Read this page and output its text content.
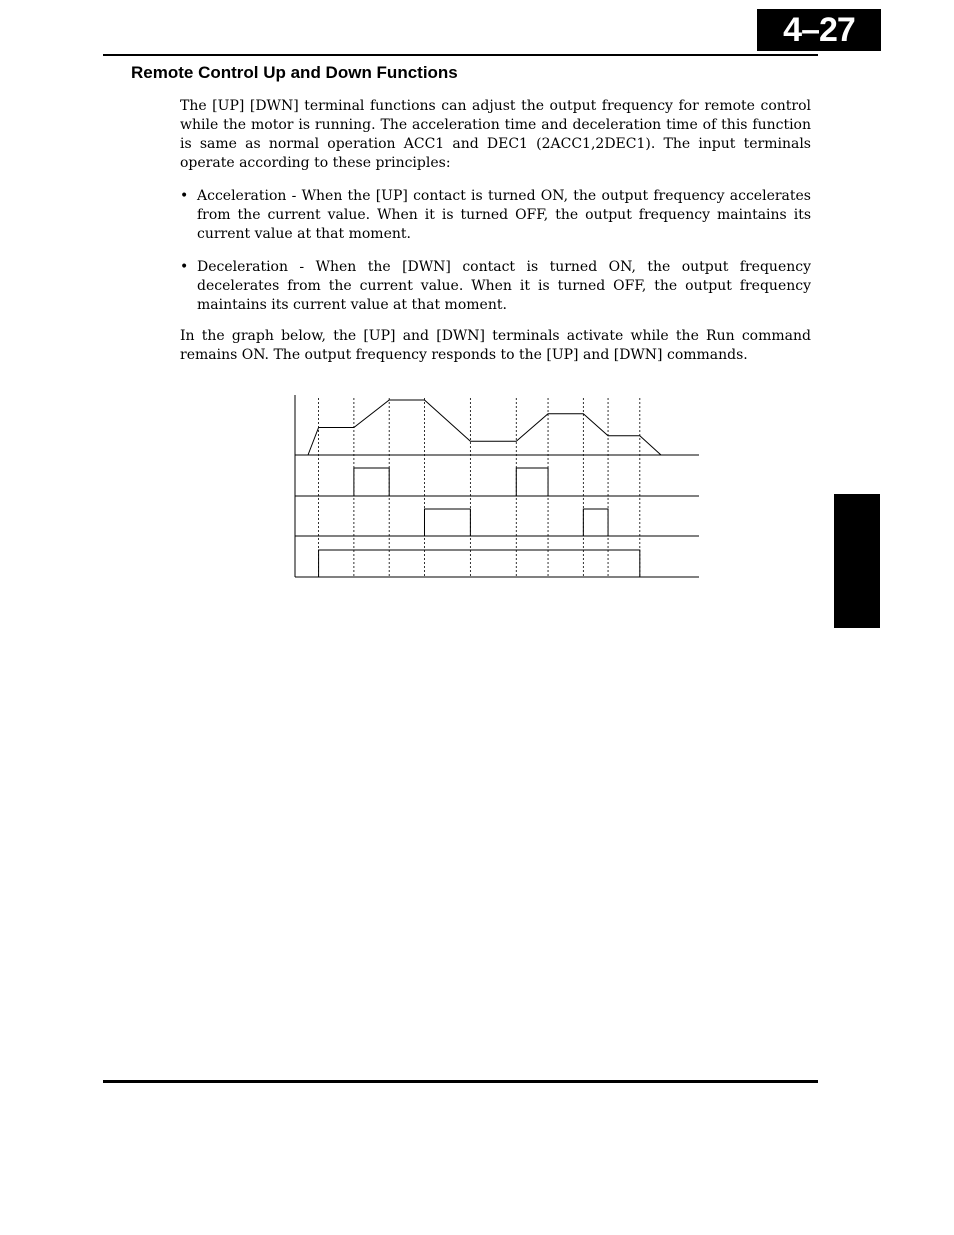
4–27
Remote Control Up and Down Functions

The [UP] [DWN] terminal functions can adjust the output frequency for remote control while the motor is running. The acceleration time and deceleration time of this function is same as normal operation ACC1 and DEC1 (2ACC1,2DEC1). The input terminals operate according to these principles:

• Acceleration - When the [UP] contact is turned ON, the output frequency accelerates from the current value. When it is turned OFF, the output frequency maintains its current value at that moment.
• Deceleration - When the [DWN] contact is turned ON, the output frequency decelerates from the current value. When it is turned OFF, the output frequency maintains its current value at that moment.

In the graph below, the [UP] and [DWN] terminals activate while the Run command remains ON. The output frequency responds to the [UP] and [DWN] commands.
